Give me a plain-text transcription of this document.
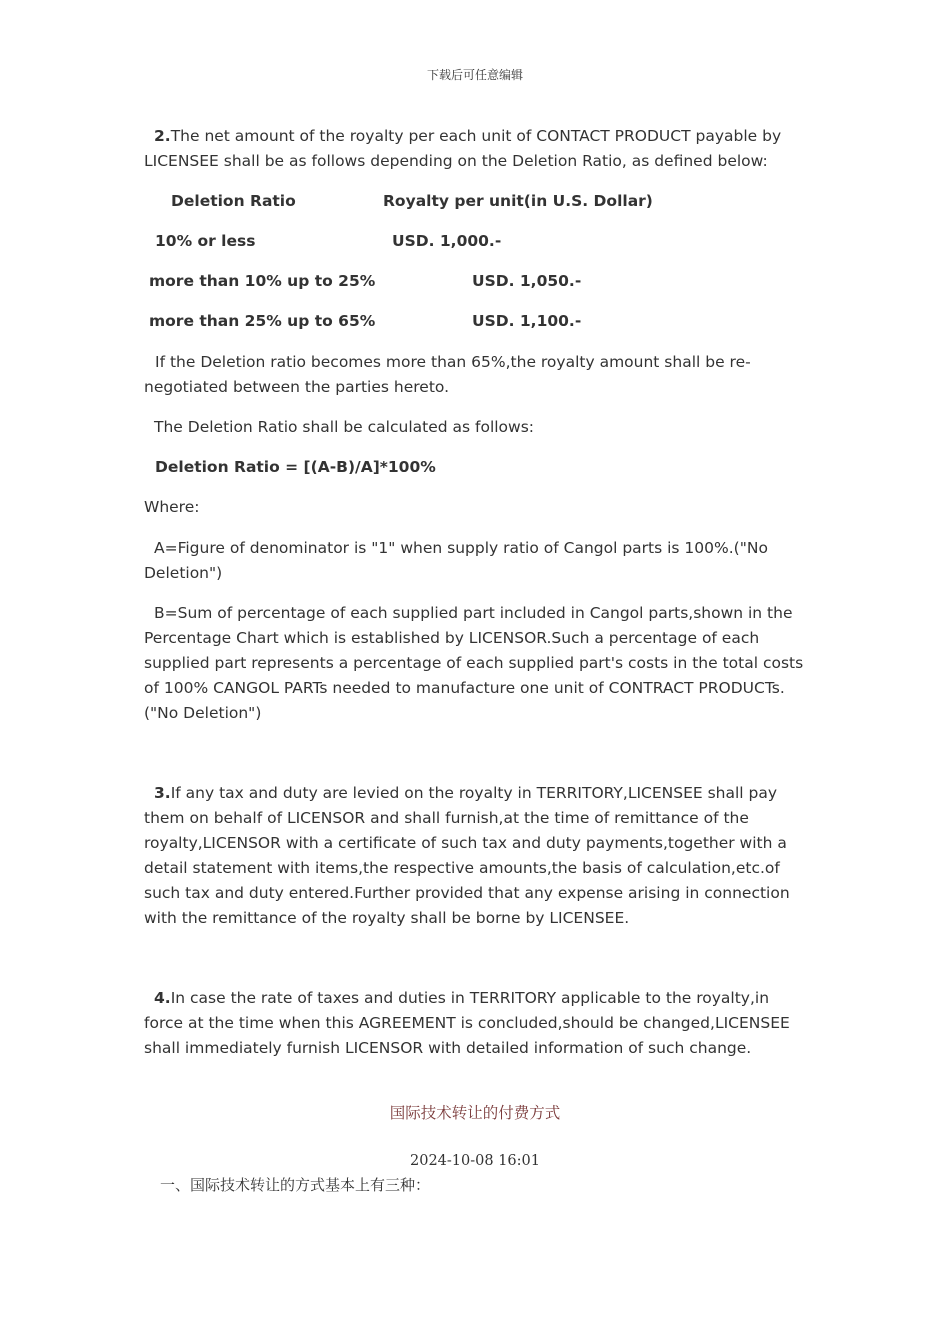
下载后可任意编辑

2.The net amount of the royalty per each unit of CONTACT PRODUCT payable by LICENSEE shall be as follows depending on the Deletion Ratio, as defined below:

Deletion Ratio	Royalty per unit(in U.S. Dollar)
10% or less	USD. 1,000.-
more than 10% up to 25%	USD. 1,050.-
more than 25% up to 65%	USD. 1,100.-

If the Deletion ratio becomes more than 65%,the royalty amount shall be re-negotiated between the parties hereto.

The Deletion Ratio shall be calculated as follows:

Deletion Ratio = [(A-B)/A]*100%

Where:

A=Figure of denominator is "1" when supply ratio of Cangol parts is 100%.("No Deletion")

B=Sum of percentage of each supplied part included in Cangol parts,shown in the Percentage Chart which is established by LICENSOR.Such a percentage of each supplied part represents a percentage of each supplied part's costs in the total costs of 100% CANGOL PARTs needed to manufacture one unit of CONTRACT PRODUCTs.("No Deletion")

3.If any tax and duty are levied on the royalty in TERRITORY,LICENSEE shall pay them on behalf of LICENSOR and shall furnish,at the time of remittance of the royalty,LICENSOR with a certificate of such tax and duty payments,together with a detail statement with items,the respective amounts,the basis of calculation,etc.of such tax and duty entered.Further provided that any expense arising in connection with the remittance of the royalty shall be borne by LICENSEE.

4.In case the rate of taxes and duties in TERRITORY applicable to the royalty,in force at the time when this AGREEMENT is concluded,should be changed,LICENSEE shall immediately furnish LICENSOR with detailed information of such change.

国际技术转让的付费方式
2024-10-08 16:01
一、国际技术转让的方式基本上有三种：
